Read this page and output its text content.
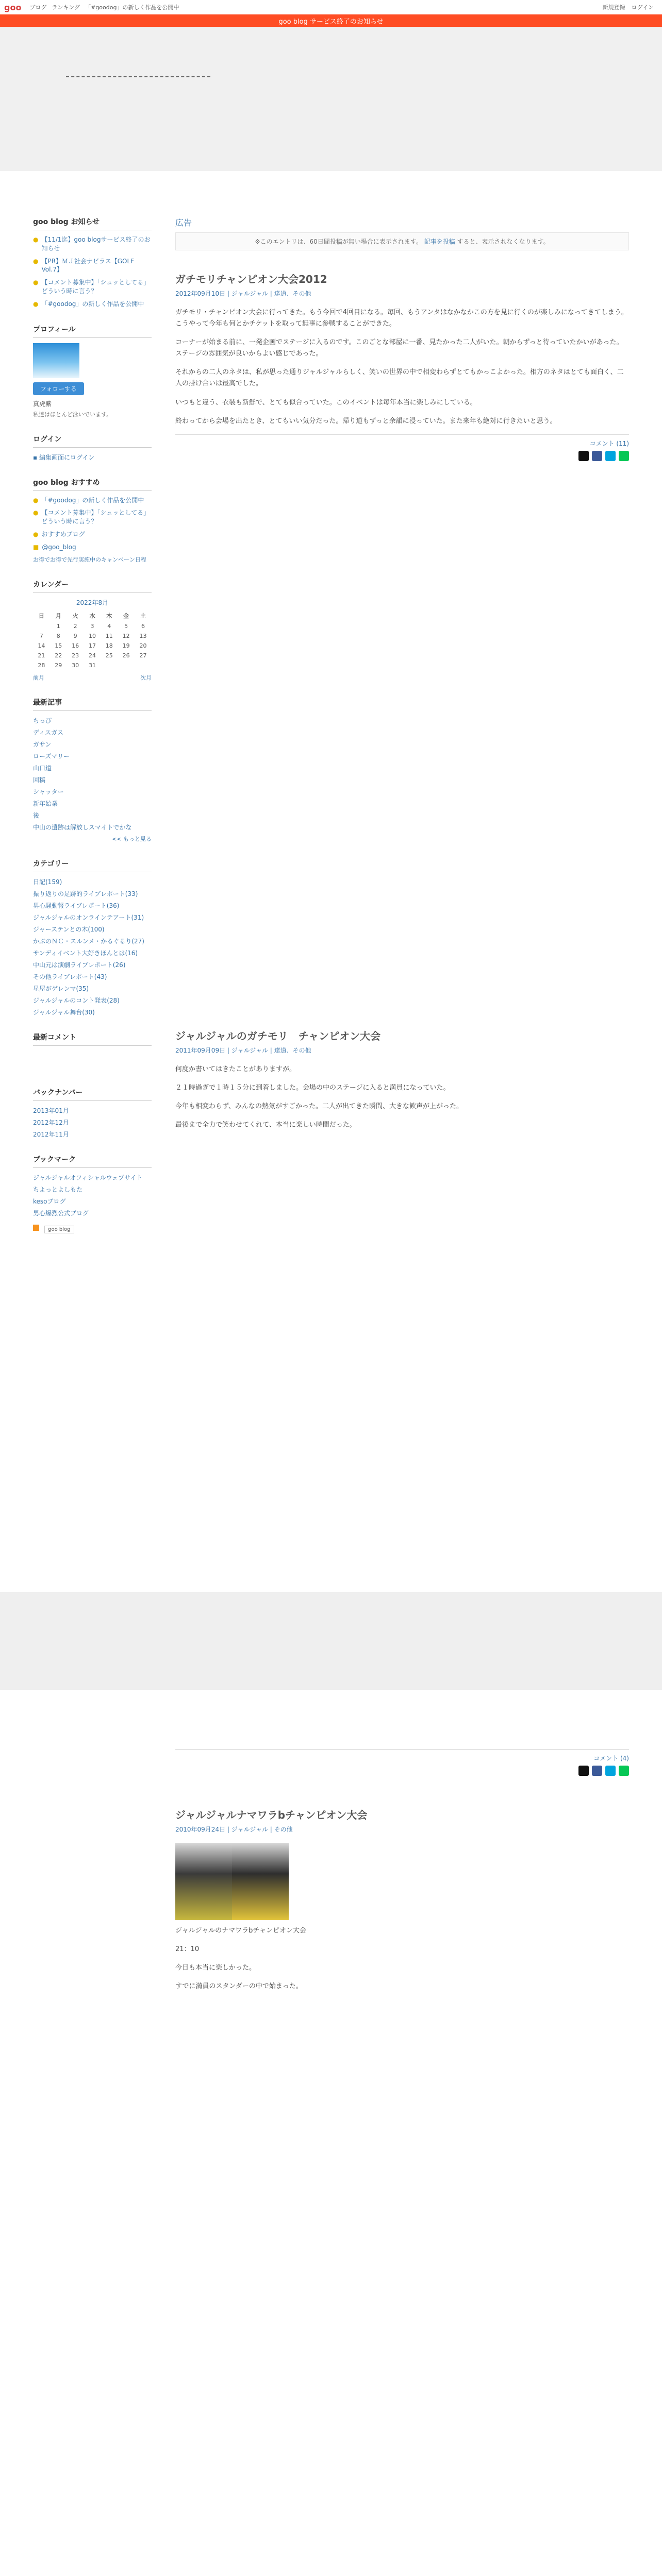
goo ブログ ランキング 「#goodog」の新しく作品を公開中	新規登録 ログイン
goo blog サービス終了のお知らせ
goo blog お知らせ
● 【11/1迄】goo blogサービス終了のお知らせ
● 【PR】ＭＪ社会ナビラス【GOLF Vol.7】
● 【コメント募集中】「シュッとしてる」どういう時に言う？
● 「#goodog」の新しく作品を公開中
プロフィール
フォローする
真虎紫
私達はほとんど泳いでいます。
ログイン
▪ 編集画面にログイン
goo blog おすすめ
● 「#goodog」の新しく作品を公開中
● 【コメント募集中】「シュッとしてる」どういう時に言う？
● おすすめブログ
■ @goo_blog
お得でお得で先行実施中のキャンペーン日程
カレンダー
2022年8月
日	月	火	水	木	金	土
	1	2	3	4	5	6
7	8	9	10	11	12	13
14	15	16	17	18	19	20
21	22	23	24	25	26	27
28	29	30	31			
前月	次月
最新記事
ちっぴ
ディスガス
ガサン
ローズマリー
山口道
回稿
シャッター
新年始業
後
中山の遺跡は解放しスマイトでかな
<< もっと見る
カテゴリー
日記(159)
振り返りの足跡的ライブレポート(33)
男心騒動報ライブレポート(36)
ジャルジャルのオンラインテアート(31)
ジャーステンとの木(100)
かぶのＮＣ・スルンメ・かるぐるり(27)
サンディイベント大好きほんとは(16)
中山元は演劇ライブレポート(26)
その他ライブレポート(43)
星屋がゲレンマ(35)
ジャルジャルのコント発表(28)
ジャルジャル舞台(30)
最新コメント
バックナンバー
2013年01月
2012年12月
2012年11月
ブックマーク
ジャルジャルオフィシャルウェブサイト
ちよっとよしもた
kesoブログ
男心爆烈公式ブログ
goo blog
広告
※このエントリは、60日間投稿が無い場合に表示されます。 記事を投稿 すると、表示されなくなります。
ガチモリチャンピオン大会2012
2012年09月10日 | ジャルジャル | 達道、その他

ガチモリ・チャンピオン大会に行ってきた。もう今回で4回目になる。毎回、もうアンタはなかなかこの方を見に行くのが楽しみになってきてしまう。こうやって今年も何とかチケットを取って無事に参戦することができた。

コーナーが始まる前に、一発企画でステージに入るのです。このごとな部屋に一番、見たかった二人がいた。朝からずっと待っていたかいがあった。ステージの雰囲気が良いからよい感じであった。

それからの二人のネタは、私が思った通りジャルジャルらしく、笑いの世界の中で相変わらずとてもかっこよかった。相方のネタはとても面白く、二人の掛け合いは最高でした。

いつもと違う、衣装も新鮮で、とても似合っていた。このイベントは毎年本当に楽しみにしている。

終わってから会場を出たとき、とてもいい気分だった。帰り道もずっと余韻に浸っていた。また来年も絶対に行きたいと思う。

コメント (11)
ジャルジャルのガチモリ　チャンピオン大会
2011年09月09日 | ジャルジャル | 達道、その他

何度か書いてはきたことがありますが。

２１時過ぎで１時１５分に到着しました。会場の中のステージに入ると満員になっていた。

今年も相変わらず、みんなの熱気がすごかった。二人が出てきた瞬間、大きな歓声が上がった。

最後まで全力で笑わせてくれて、本当に楽しい時間だった。

コメント (4)
ジャルジャルナマワラbチャンピオン大会
2010年09月24日 | ジャルジャル | その他

ジャルジャルのナマワラbチャンピオン大会

21：10

今日も本当に楽しかった。

すでに満員のスタンダーの中で始まった。
